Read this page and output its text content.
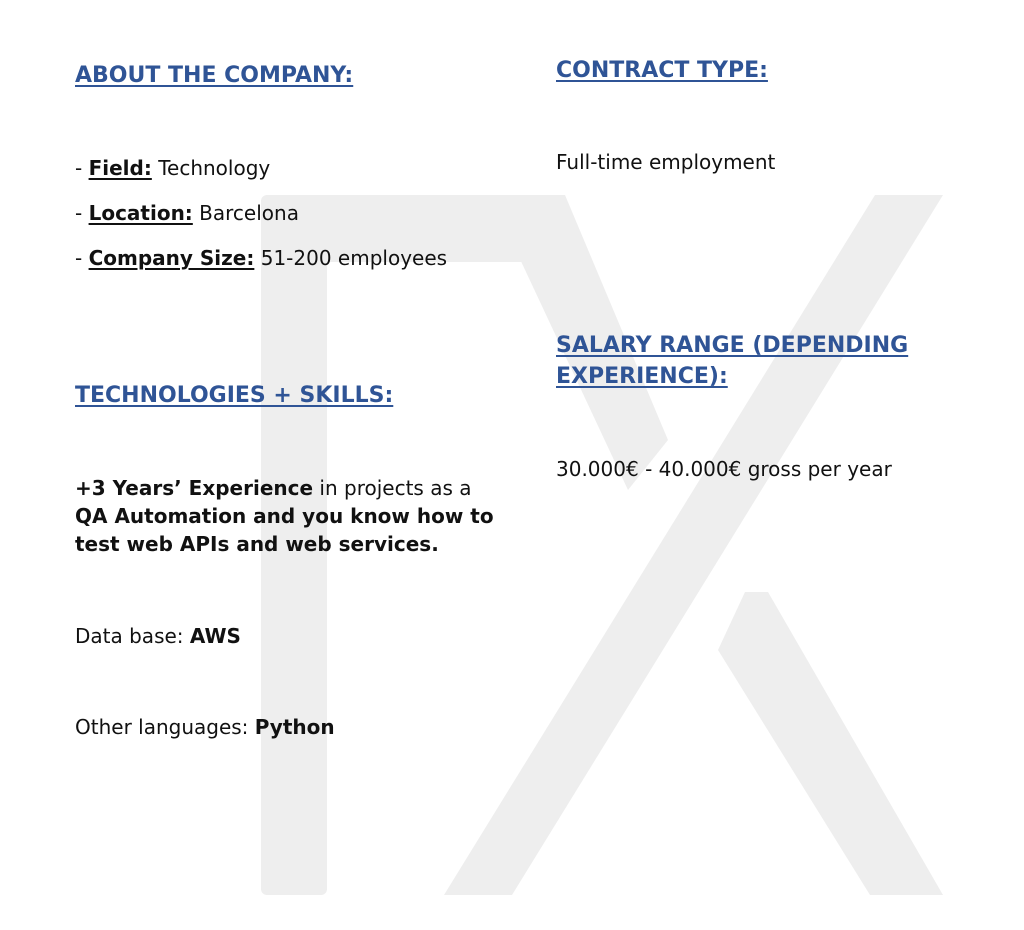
ABOUT THE COMPANY:
- Field: Technology
- Location: Barcelona
- Company Size: 51-200 employees
CONTRACT TYPE:
Full-time employment
SALARY RANGE (DEPENDING
EXPERIENCE):
30.000€ - 40.000€ gross per year
TECHNOLOGIES + SKILLS:
+3 Years’ Experience in projects as a
QA Automation and you know how to
test web APIs and web services.
Data base: AWS
Other languages: Python
